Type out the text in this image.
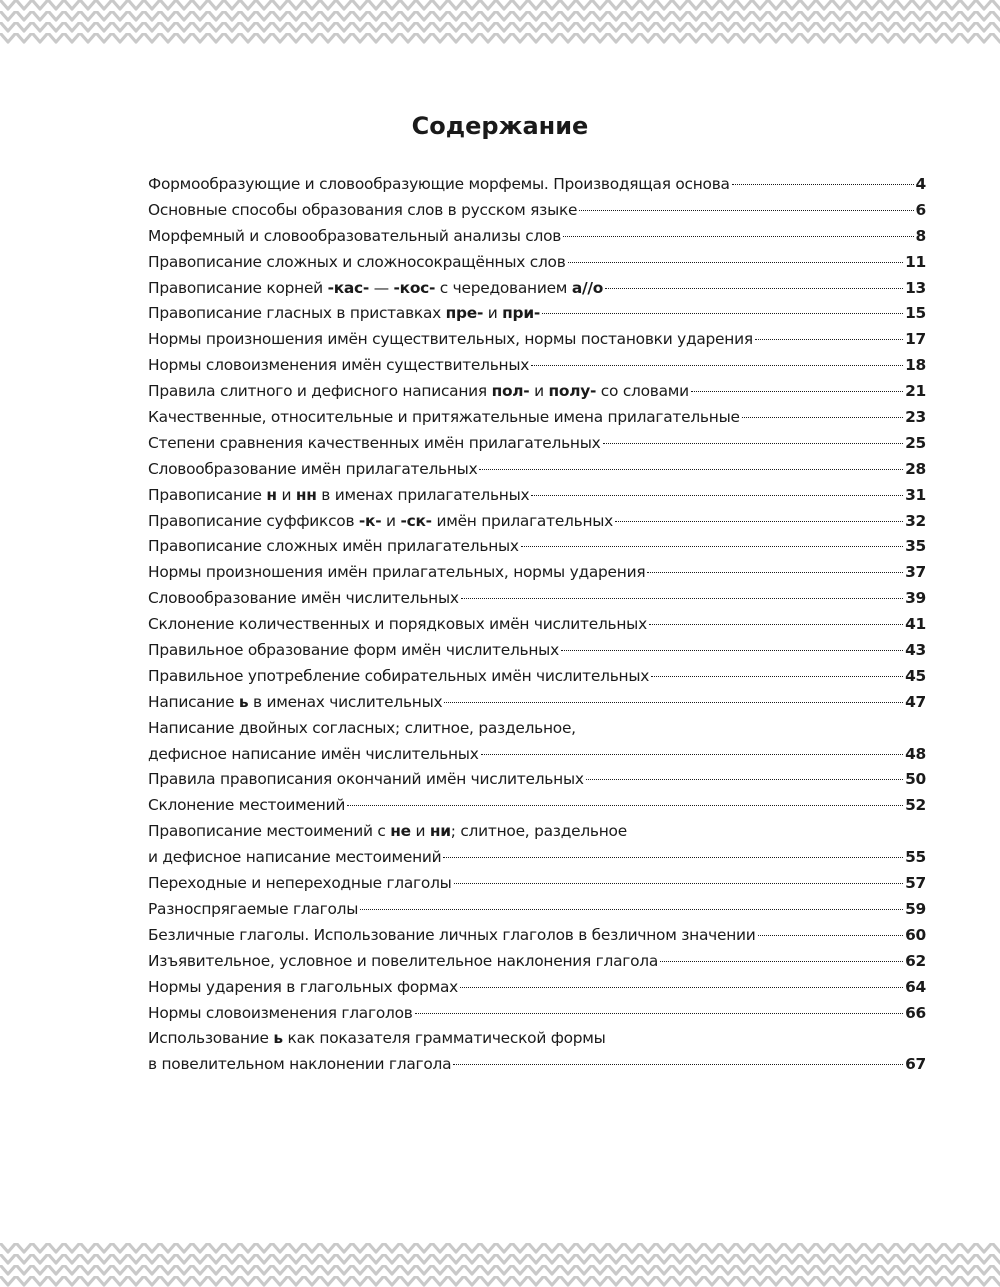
Содержание
Формообразующие и словообразующие морфемы. Производящая основа	4
Основные способы образования слов в русском языке	6
Морфемный и словообразовательный анализы слов	8
Правописание сложных и сложносокращённых слов	11
Правописание корней -кас- — -кос- с чередованием а//о	13
Правописание гласных в приставках пре- и при-	15
Нормы произношения имён существительных, нормы постановки ударения	17
Нормы словоизменения имён существительных	18
Правила слитного и дефисного написания пол- и полу- со словами	21
Качественные, относительные и притяжательные имена прилагательные	23
Степени сравнения качественных имён прилагательных	25
Словообразование имён прилагательных	28
Правописание н и нн в именах прилагательных	31
Правописание суффиксов -к- и -ск- имён прилагательных	32
Правописание сложных имён прилагательных	35
Нормы произношения имён прилагательных, нормы ударения	37
Словообразование имён числительных	39
Склонение количественных и порядковых имён числительных	41
Правильное образование форм имён числительных	43
Правильное употребление собирательных имён числительных	45
Написание ь в именах числительных	47
Написание двойных согласных; слитное, раздельное,
дефисное написание имён числительных	48
Правила правописания окончаний имён числительных	50
Склонение местоимений	52
Правописание местоимений с не и ни; слитное, раздельное
и дефисное написание местоимений	55
Переходные и непереходные глаголы	57
Разноспрягаемые глаголы	59
Безличные глаголы. Использование личных глаголов в безличном значении	60
Изъявительное, условное и повелительное наклонения глагола	62
Нормы ударения в глагольных формах	64
Нормы словоизменения глаголов	66
Использование ь как показателя грамматической формы
в повелительном наклонении глагола	67
